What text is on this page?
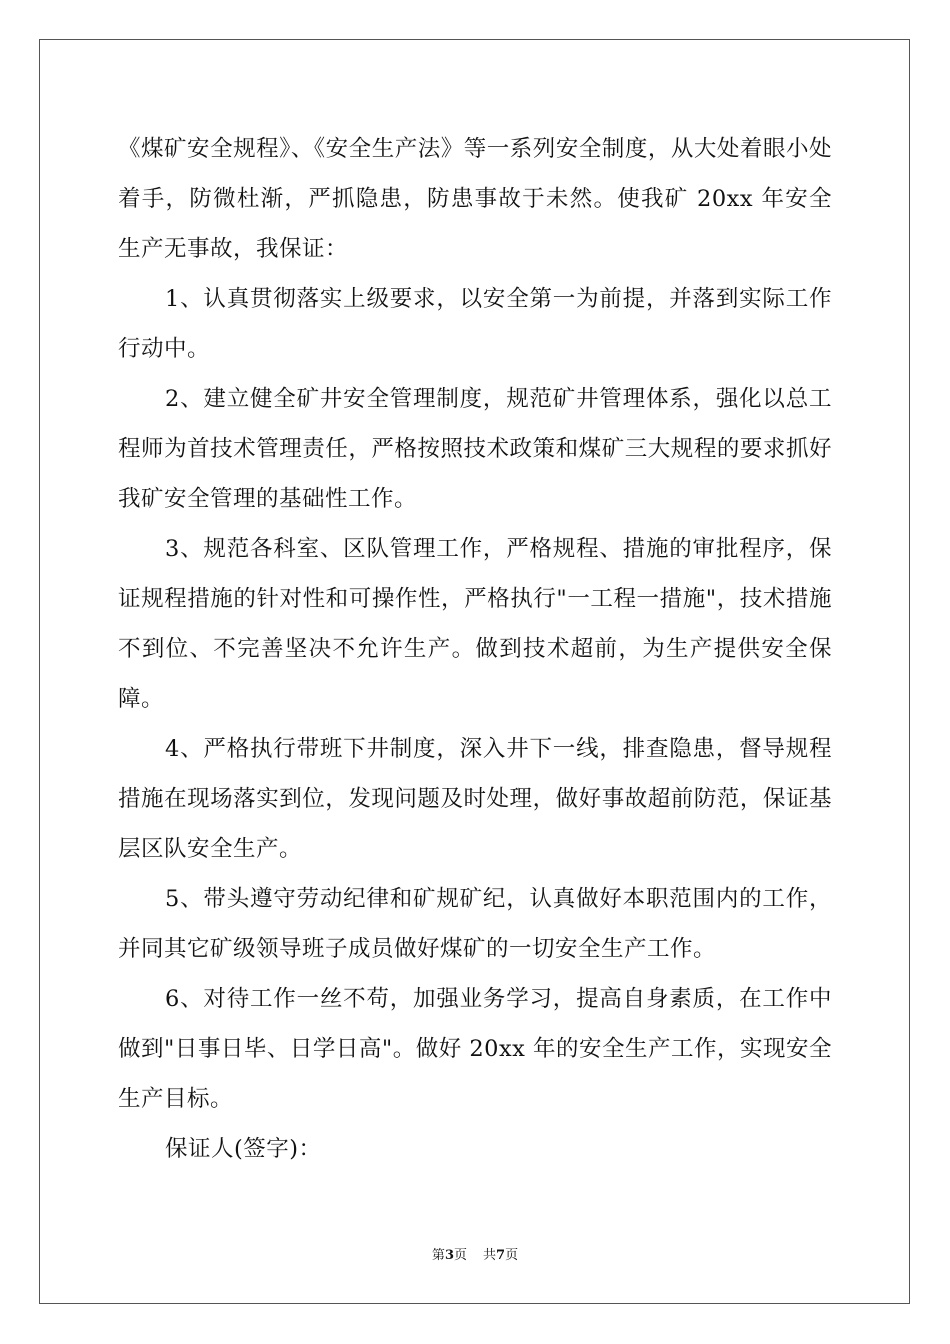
《煤矿安全规程》、《安全生产法》等一系列安全制度，从大处着眼小处着手，防微杜渐，严抓隐患，防患事故于未然。使我矿 20xx 年安全生产无事故，我保证：

1、认真贯彻落实上级要求，以安全第一为前提，并落到实际工作行动中。

2、建立健全矿井安全管理制度，规范矿井管理体系，强化以总工程师为首技术管理责任，严格按照技术政策和煤矿三大规程的要求抓好我矿安全管理的基础性工作。

3、规范各科室、区队管理工作，严格规程、措施的审批程序，保证规程措施的针对性和可操作性，严格执行"一工程一措施"，技术措施不到位、不完善坚决不允许生产。做到技术超前，为生产提供安全保障。

4、严格执行带班下井制度，深入井下一线，排查隐患，督导规程措施在现场落实到位，发现问题及时处理，做好事故超前防范，保证基层区队安全生产。

5、带头遵守劳动纪律和矿规矿纪，认真做好本职范围内的工作，并同其它矿级领导班子成员做好煤矿的一切安全生产工作。

6、对待工作一丝不苟，加强业务学习，提高自身素质，在工作中做到"日事日毕、日学日高"。做好 20xx 年的安全生产工作，实现安全生产目标。

保证人(签字)：

第3页 共7页
